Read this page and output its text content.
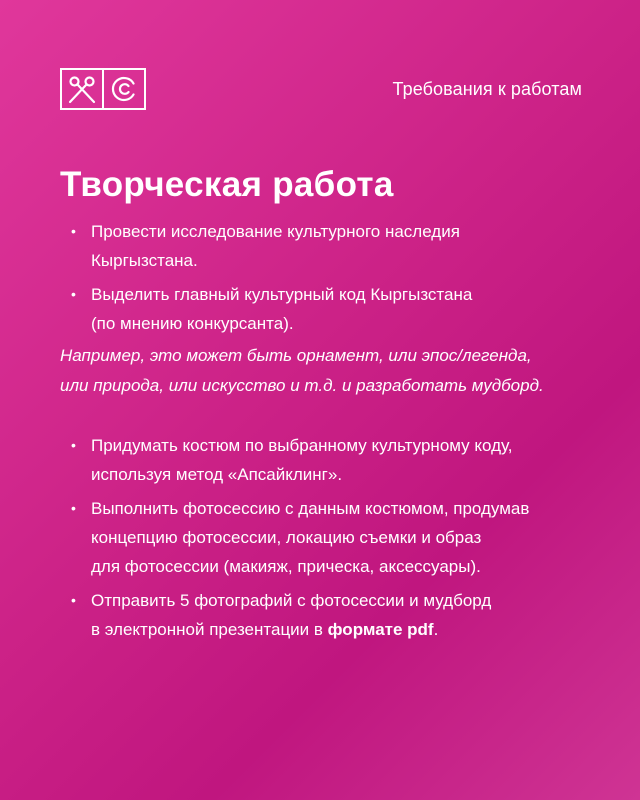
Требования к работам
Творческая работа
• Провести исследование культурного наследия
Кыргызстана.
• Выделить главный культурный код Кыргызстана
(по мнению конкурсанта).
Например, это может быть орнамент, или эпос/легенда,
или природа, или искусство и т.д. и разработать мудборд.
• Придумать костюм по выбранному культурному коду,
используя метод «Апсайклинг».
• Выполнить фотосессию с данным костюмом, продумав
концепцию фотосессии, локацию съемки и образ
для фотосессии (макияж, прическа, аксессуары).
• Отправить 5 фотографий с фотосессии и мудборд
в электронной презентации в формате pdf.
